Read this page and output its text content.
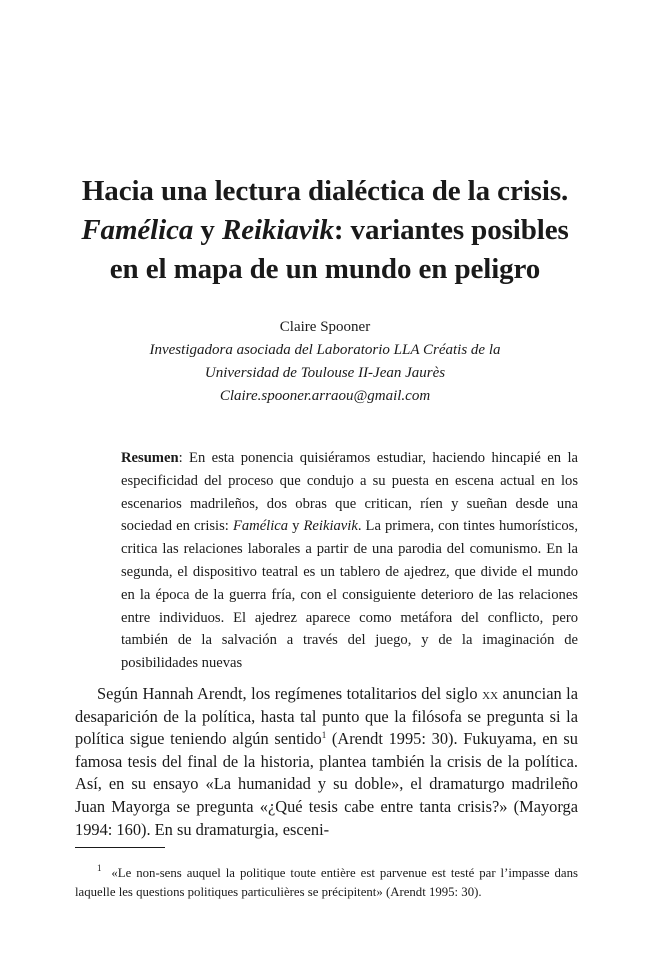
Hacia una lectura dialéctica de la crisis.
Famélica y Reikiavik: variantes posibles
en el mapa de un mundo en peligro
Claire Spooner
Investigadora asociada del Laboratorio LLA Créatis de la
Universidad de Toulouse II-Jean Jaurès
Claire.spooner.arraou@gmail.com
Resumen: En esta ponencia quisiéramos estudiar, haciendo hincapié en la especificidad del proceso que condujo a su puesta en escena actual en los escenarios madrileños, dos obras que critican, ríen y sueñan desde una sociedad en crisis: Famélica y Reikiavik. La primera, con tintes humorísticos, critica las relaciones laborales a partir de una parodia del comunismo. En la segunda, el dispositivo teatral es un tablero de ajedrez, que divide el mundo en la época de la guerra fría, con el consiguiente deterioro de las relaciones entre individuos. El ajedrez aparece como metáfora del conflicto, pero también de la salvación a través del juego, y de la imaginación de posibilidades nuevas
Según Hannah Arendt, los regímenes totalitarios del siglo xx anuncian la desaparición de la política, hasta tal punto que la filósofa se pregunta si la política sigue teniendo algún sentido$^1$ (Arendt 1995: 30). Fukuyama, en su famosa tesis del final de la historia, plantea también la crisis de la política. Así, en su ensayo «La humanidad y su doble», el dramaturgo madrileño Juan Mayorga se pregunta «¿Qué tesis cabe entre tanta crisis?» (Mayorga 1994: 160). En su dramaturgia, esceni-
$^1$ «Le non-sens auquel la politique toute entière est parvenue est testé par l’impasse dans laquelle les questions politiques particulières se précipitent» (Arendt 1995: 30).
